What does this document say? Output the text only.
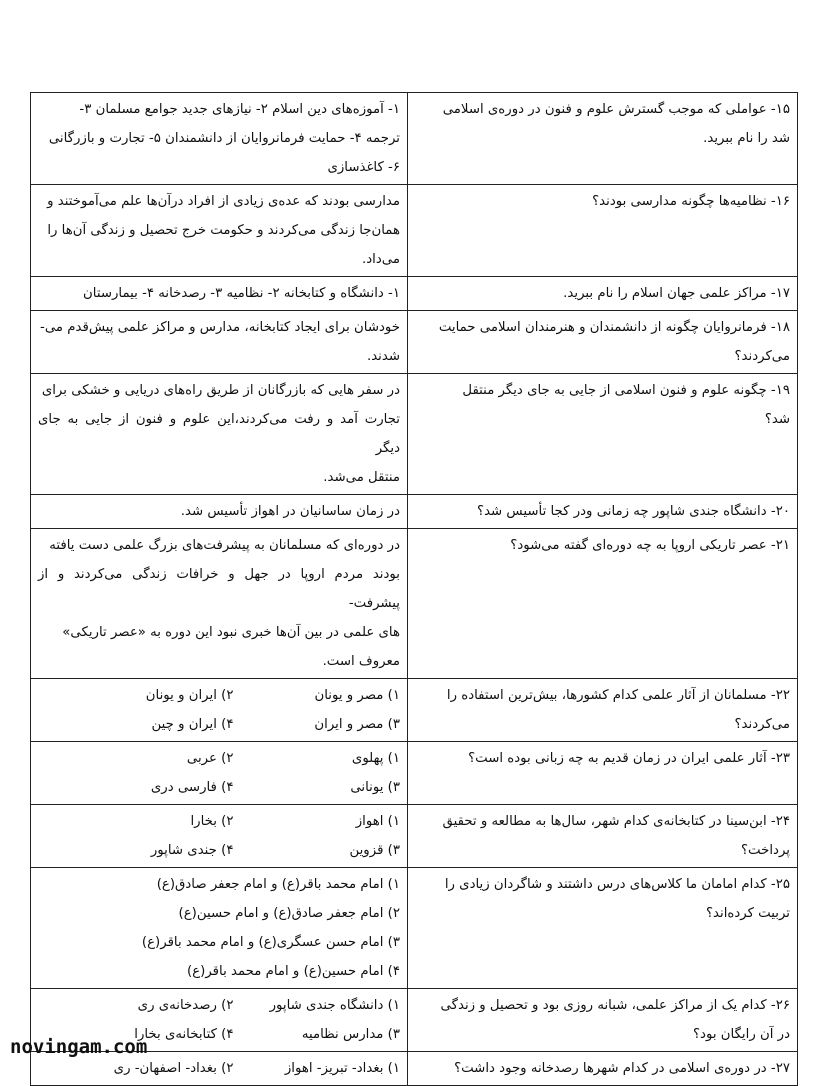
۱۵- عواملی که موجب گسترش علوم و فنون در دوره‌ی اسلامی
شد را نام ببرید.

۱- آموزه‌های دین اسلام ۲- نیازهای جدید جوامع مسلمان ۳-
ترجمه ۴- حمایت فرمانروایان از دانشمندان ۵- تجارت و بازرگانی
۶- کاغذسازی

۱۶- نظامیه‌ها چگونه مدارسی بودند؟

مدارسی بودند که عده‌ی زیادی از افراد درآن‌ها علم می‌آموختند و
همان‌جا زندگی می‌کردند و حکومت خرج تحصیل و زندگی آن‌ها را
می‌داد.

۱۷- مراکز علمی جهان اسلام را نام ببرید.

۱- دانشگاه و کتابخانه ۲- نظامیه ۳- رصدخانه ۴- بیمارستان

۱۸- فرمانروایان چگونه از دانشمندان و هنرمندان اسلامی حمایت
می‌کردند؟

خودشان برای ایجاد کتابخانه، مدارس و مراکز علمی پیش‌قدم می-
شدند.

۱۹- چگونه علوم و فنون اسلامی از جایی به جای دیگر منتقل
شد؟

در سفر هایی که بازرگانان از طریق راه‌های دریایی و خشکی برای
تجارت آمد و رفت می‌کردند،این علوم و فنون از جایی به جای دیگر
منتقل می‌شد.

۲۰- دانشگاه جندی شاپور چه زمانی ودر کجا تأسیس شد؟

در زمان ساسانیان در اهواز تأسیس شد.

۲۱- عصر تاریکی اروپا به چه دوره‌ای گفته می‌شود؟

در دوره‌ای که مسلمانان به پیشرفت‌های بزرگ علمی دست یافته
بودند مردم اروپا در جهل و خرافات زندگی می‌کردند و از پیشرفت-
های علمی در بین آن‌ها خبری نبود این دوره به «عصر تاریکی»
معروف است.

۲۲- مسلمانان از آثار علمی کدام کشورها، بیش‌ترین استفاده را
می‌کردند؟

۱) مصر و یونان	۲) ایران و یونان
۳) مصر و ایران	۴) ایران و چین

۲۳- آثار علمی ایران در زمان قدیم به چه زبانی بوده است؟

۱) پهلوی	۲) عربی
۳) یونانی	۴) فارسی دری

۲۴- ابن‌سینا در کتابخانه‌ی کدام شهر، سال‌ها به مطالعه و تحقیق
پرداخت؟

۱) اهواز	۲) بخارا
۳) قزوین	۴) جندی شاپور

۲۵- کدام امامان ما کلاس‌های درس داشتند و شاگردان زیادی را
تربیت کرده‌اند؟

۱) امام محمد باقر(ع) و امام جعفر صادق(ع)
۲) امام جعفر صادق(ع) و امام حسین(ع)
۳) امام حسن عسگری(ع) و امام محمد باقر(ع)
۴) امام حسین(ع) و امام محمد باقر(ع)

۲۶- کدام یک از مراکز علمی، شبانه روزی بود و تحصیل و زندگی
در آن رایگان بود؟

۱) دانشگاه جندی شاپور	۲) رصدخانه‌ی ری
۳) مدارس نظامیه	۴) کتابخانه‌ی بخارا

۲۷- در دوره‌ی اسلامی در کدام شهرها رصدخانه وجود داشت؟

۱) بغداد- تبریز- اهواز	۲) بغداد- اصفهان- ری
novingam.com
